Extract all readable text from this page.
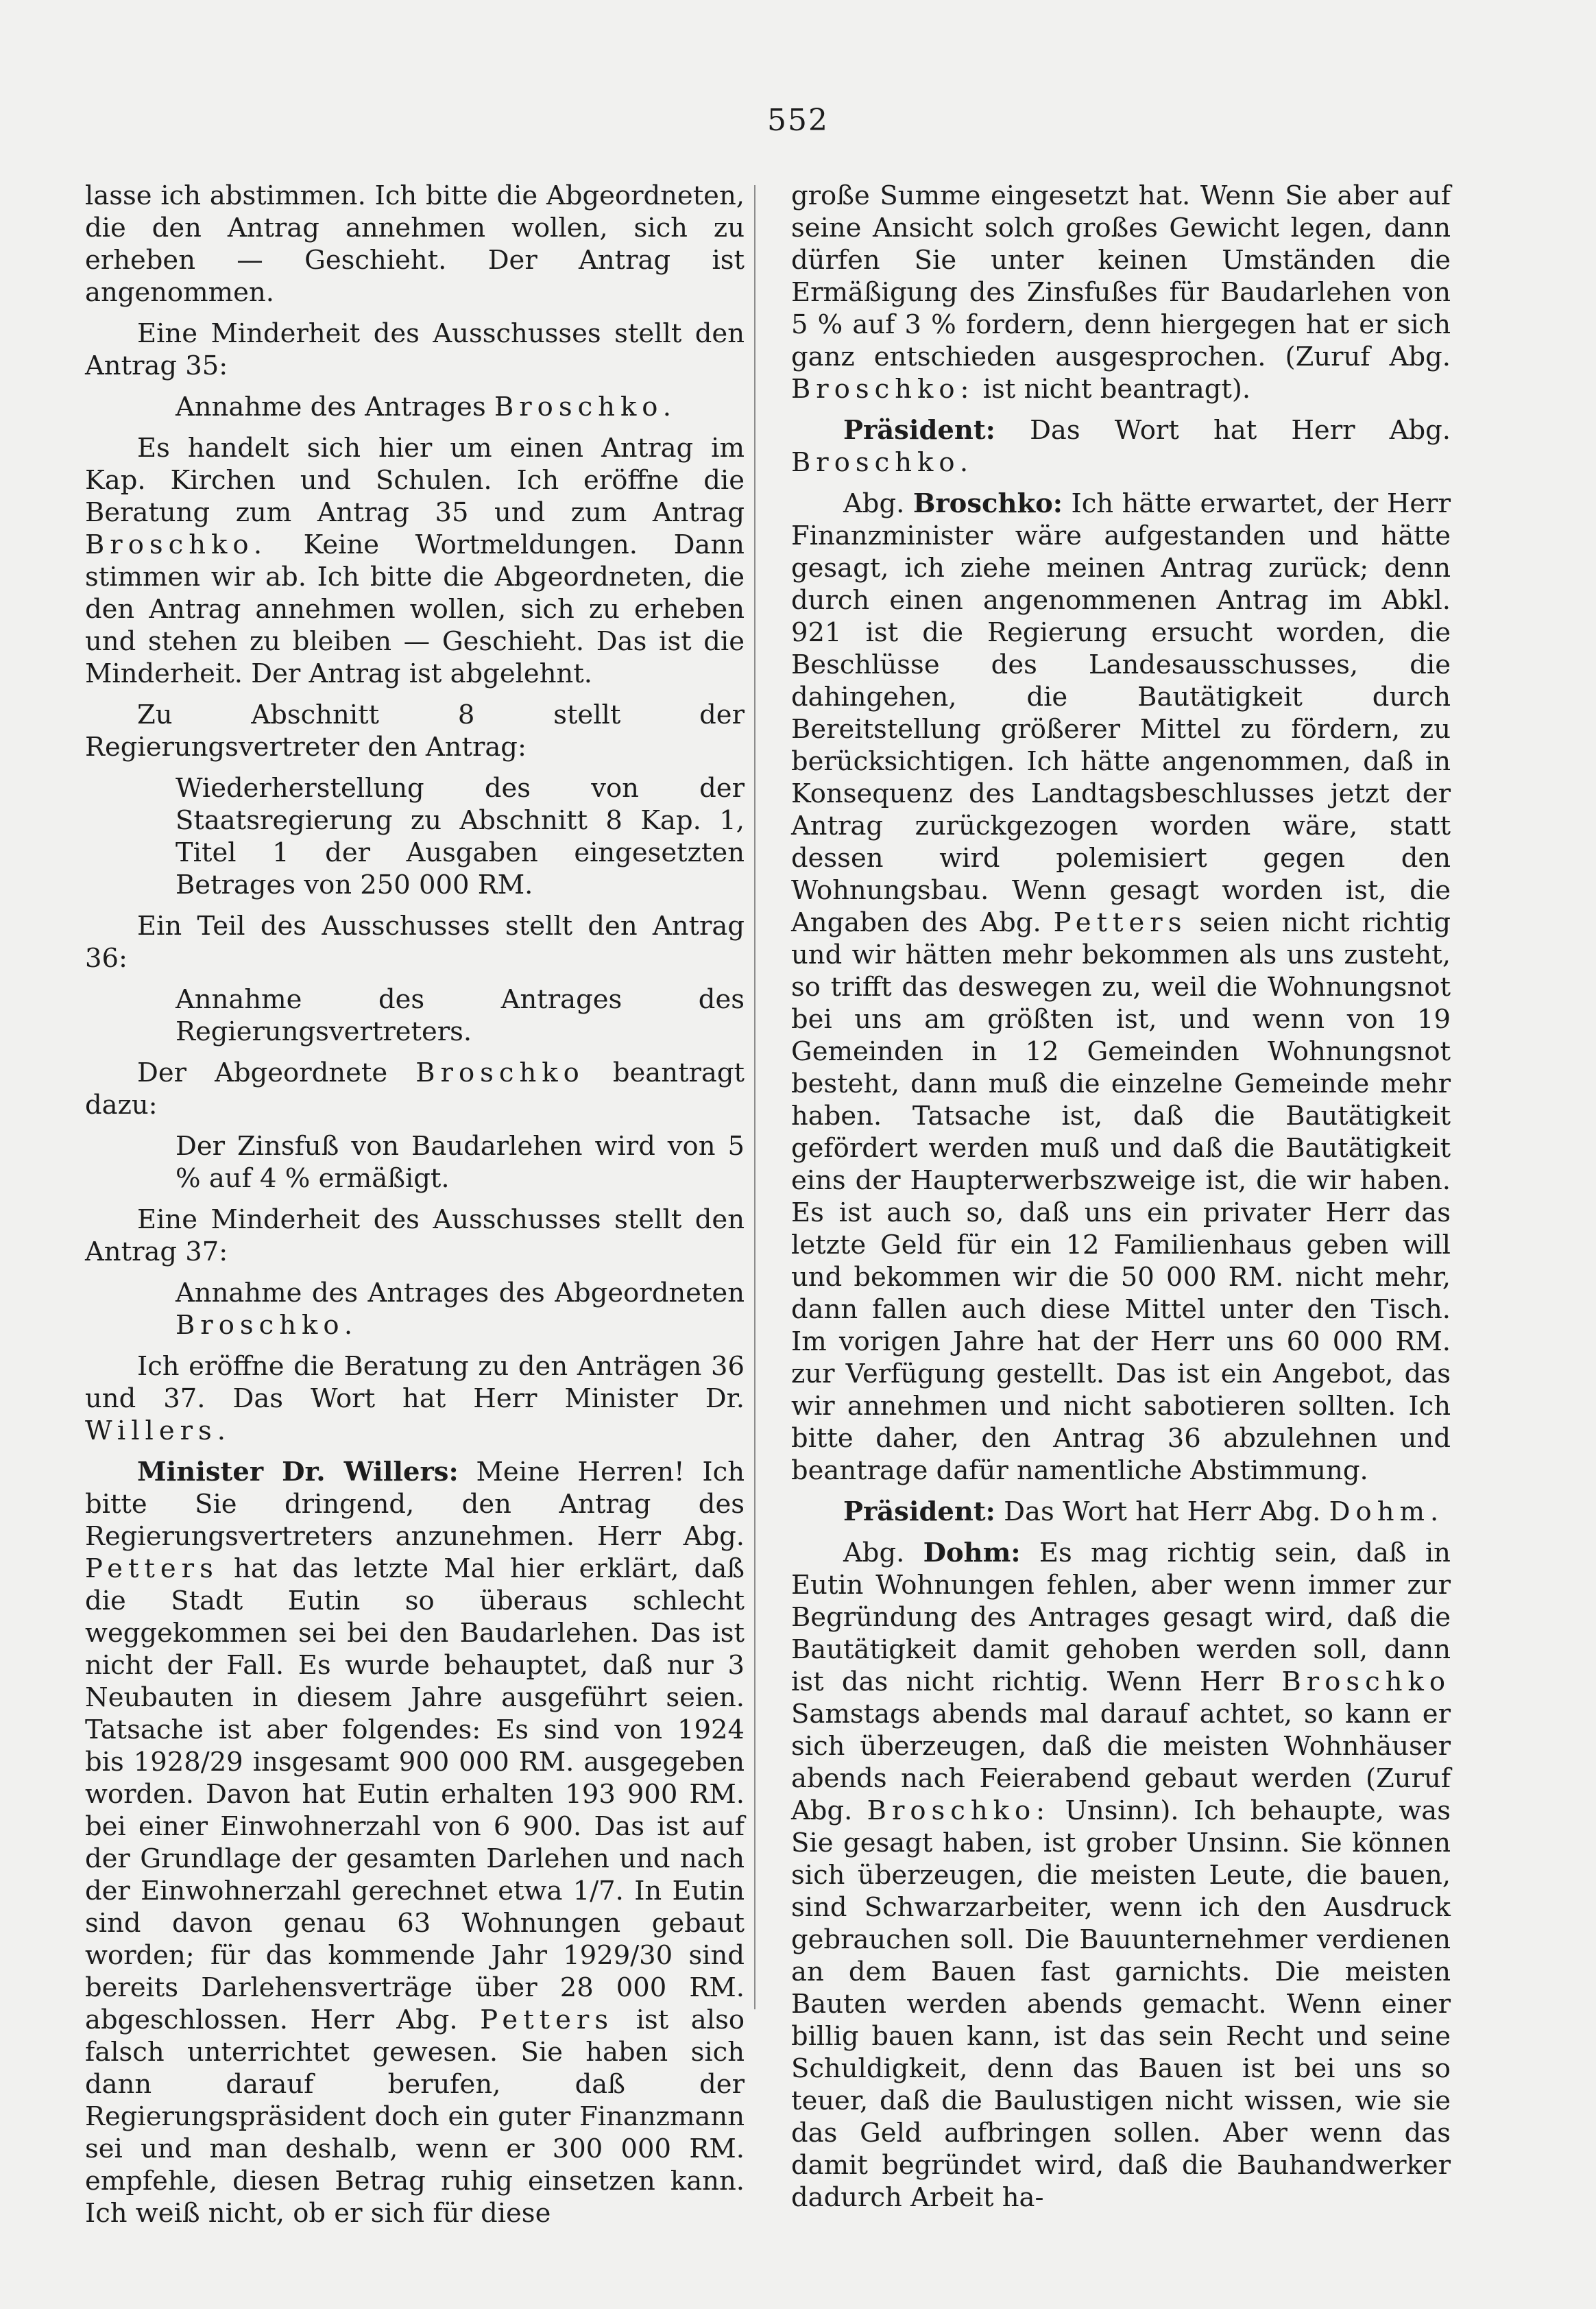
552

lasse ich abstimmen. Ich bitte die Abgeordneten, die den Antrag annehmen wollen, sich zu erheben — Geschieht. Der Antrag ist angenommen.

Eine Minderheit des Ausschusses stellt den Antrag 35:

Annahme des Antrages Broschko.

Es handelt sich hier um einen Antrag im Kap. Kirchen und Schulen. Ich eröffne die Beratung zum Antrag 35 und zum Antrag Broschko. Keine Wortmeldungen. Dann stimmen wir ab. Ich bitte die Abgeordneten, die den Antrag annehmen wollen, sich zu erheben und stehen zu bleiben — Geschieht. Das ist die Minderheit. Der Antrag ist abgelehnt.

Zu Abschnitt 8 stellt der Regierungsvertreter den Antrag:

Wiederherstellung des von der Staatsregierung zu Abschnitt 8 Kap. 1, Titel 1 der Ausgaben eingesetzten Betrages von 250 000 RM.

Ein Teil des Ausschusses stellt den Antrag 36:

Annahme des Antrages des Regierungsvertreters.

Der Abgeordnete Broschko beantragt dazu:

Der Zinsfuß von Baudarlehen wird von 5 % auf 4 % ermäßigt.

Eine Minderheit des Ausschusses stellt den Antrag 37:

Annahme des Antrages des Abgeordneten Broschko.

Ich eröffne die Beratung zu den Anträgen 36 und 37. Das Wort hat Herr Minister Dr. Willers.

Minister Dr. Willers: Meine Herren! Ich bitte Sie dringend, den Antrag des Regierungsvertreters anzunehmen. Herr Abg. Petters hat das letzte Mal hier erklärt, daß die Stadt Eutin so überaus schlecht weggekommen sei bei den Baudarlehen. Das ist nicht der Fall. Es wurde behauptet, daß nur 3 Neubauten in diesem Jahre ausgeführt seien. Tatsache ist aber folgendes: Es sind von 1924 bis 1928/29 insgesamt 900 000 RM. ausgegeben worden. Davon hat Eutin erhalten 193 900 RM. bei einer Einwohnerzahl von 6 900. Das ist auf der Grundlage der gesamten Darlehen und nach der Einwohnerzahl gerechnet etwa 1/7. In Eutin sind davon genau 63 Wohnungen gebaut worden; für das kommende Jahr 1929/30 sind bereits Darlehensverträge über 28 000 RM. abgeschlossen. Herr Abg. Petters ist also falsch unterrichtet gewesen. Sie haben sich dann darauf berufen, daß der Regierungspräsident doch ein guter Finanzmann sei und man deshalb, wenn er 300 000 RM. empfehle, diesen Betrag ruhig einsetzen kann. Ich weiß nicht, ob er sich für diese

große Summe eingesetzt hat. Wenn Sie aber auf seine Ansicht solch großes Gewicht legen, dann dürfen Sie unter keinen Umständen die Ermäßigung des Zinsfußes für Baudarlehen von 5 % auf 3 % fordern, denn hiergegen hat er sich ganz entschieden ausgesprochen. (Zuruf Abg. Broschko: ist nicht beantragt).

Präsident: Das Wort hat Herr Abg. Broschko.

Abg. Broschko: Ich hätte erwartet, der Herr Finanzminister wäre aufgestanden und hätte gesagt, ich ziehe meinen Antrag zurück; denn durch einen angenommenen Antrag im Abkl. 921 ist die Regierung ersucht worden, die Beschlüsse des Landesausschusses, die dahingehen, die Bautätigkeit durch Bereitstellung größerer Mittel zu fördern, zu berücksichtigen. Ich hätte angenommen, daß in Konsequenz des Landtagsbeschlusses jetzt der Antrag zurückgezogen worden wäre, statt dessen wird polemisiert gegen den Wohnungsbau. Wenn gesagt worden ist, die Angaben des Abg. Petters seien nicht richtig und wir hätten mehr bekommen als uns zusteht, so trifft das deswegen zu, weil die Wohnungsnot bei uns am größten ist, und wenn von 19 Gemeinden in 12 Gemeinden Wohnungsnot besteht, dann muß die einzelne Gemeinde mehr haben. Tatsache ist, daß die Bautätigkeit gefördert werden muß und daß die Bautätigkeit eins der Haupterwerbszweige ist, die wir haben. Es ist auch so, daß uns ein privater Herr das letzte Geld für ein 12 Familienhaus geben will und bekommen wir die 50 000 RM. nicht mehr, dann fallen auch diese Mittel unter den Tisch. Im vorigen Jahre hat der Herr uns 60 000 RM. zur Verfügung gestellt. Das ist ein Angebot, das wir annehmen und nicht sabotieren sollten. Ich bitte daher, den Antrag 36 abzulehnen und beantrage dafür namentliche Abstimmung.

Präsident: Das Wort hat Herr Abg. Dohm.

Abg. Dohm: Es mag richtig sein, daß in Eutin Wohnungen fehlen, aber wenn immer zur Begründung des Antrages gesagt wird, daß die Bautätigkeit damit gehoben werden soll, dann ist das nicht richtig. Wenn Herr Broschko Samstags abends mal darauf achtet, so kann er sich überzeugen, daß die meisten Wohnhäuser abends nach Feierabend gebaut werden (Zuruf Abg. Broschko: Unsinn). Ich behaupte, was Sie gesagt haben, ist grober Unsinn. Sie können sich überzeugen, die meisten Leute, die bauen, sind Schwarzarbeiter, wenn ich den Ausdruck gebrauchen soll. Die Bauunternehmer verdienen an dem Bauen fast garnichts. Die meisten Bauten werden abends gemacht. Wenn einer billig bauen kann, ist das sein Recht und seine Schuldigkeit, denn das Bauen ist bei uns so teuer, daß die Baulustigen nicht wissen, wie sie das Geld aufbringen sollen. Aber wenn das damit begründet wird, daß die Bauhandwerker dadurch Arbeit ha-
